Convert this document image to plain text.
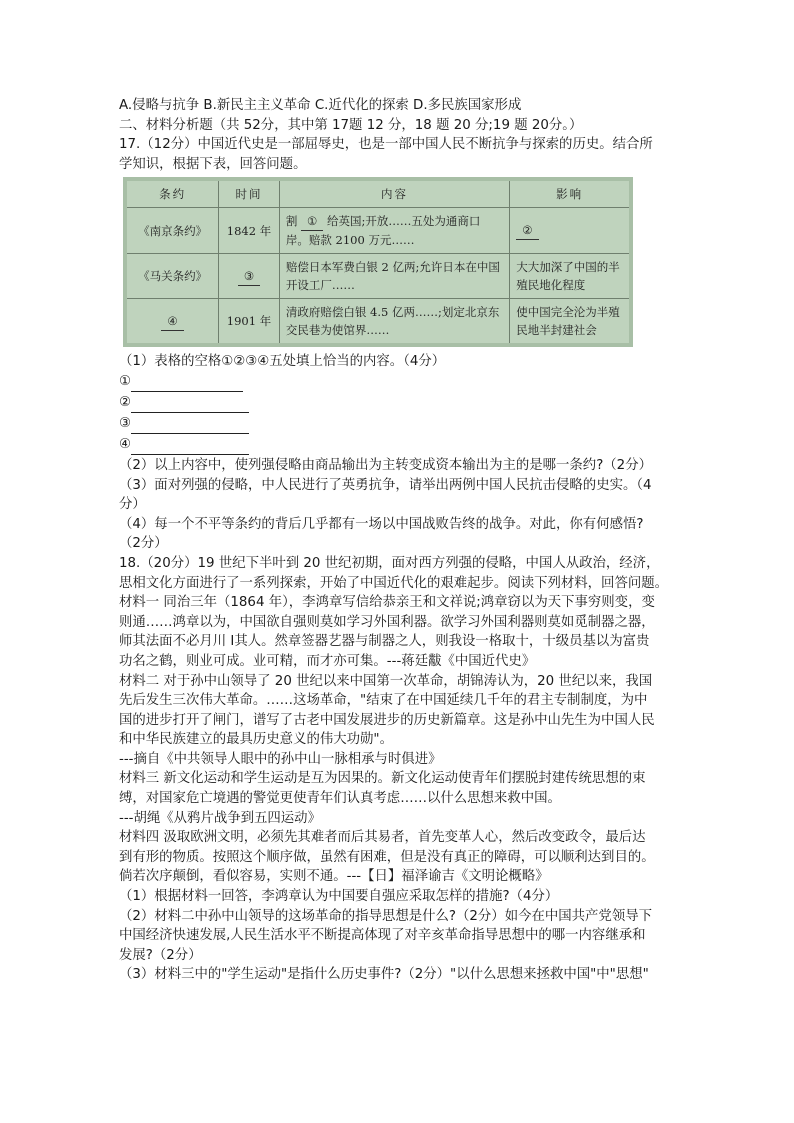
A.侵略与抗争 B.新民主主义革命 C.近代化的探索 D.多民族国家形成
二、材料分析题（共 52分，其中第 17题 12 分，18 题 20 分;19 题 20分。）
17.（12分）中国近代史是一部屈辱史，也是一部中国人民不断抗争与探索的历史。结合所
学知识，根据下表，回答问题。
条约	时间	内容	影响
《南京条约》	1842 年	割 ① 给英国;开放……五处为通商口岸。赔款 2100 万元……	②
《马关条约》	③	赔偿日本军费白银 2 亿两;允许日本在中国开设工厂……	大大加深了中国的半殖民地化程度
④	1901 年	清政府赔偿白银 4.5 亿两……;划定北京东交民巷为使馆界……	使中国完全沦为半殖民地半封建社会
（1）表格的空格①②③④五处填上恰当的内容。（4分）
①
②
③
④
（2）以上内容中，使列强侵略由商品输出为主转变成资本输出为主的是哪一条约?（2分）
（3）面对列强的侵略，中人民进行了英勇抗争，请举出两例中国人民抗击侵略的史实。（4
分）
（4）每一个不平等条约的背后几乎都有一场以中国战败告终的战争。对此，你有何感悟?
（2分）
18.（20分）19 世纪下半叶到 20 世纪初期，面对西方列强的侵略，中国人从政治，经济，
思相文化方面进行了一系列探索，开始了中国近代化的艰难起步。阅读下列材料，回答问题。
材料一 同治三年（1864 年），李鸿章写信给恭亲王和文祥说;鸿章窃以为天下事穷则变，变
则通……鸿章以为，中国欲自强则莫如学习外国利器。欲学习外国利器则莫如觅制器之器，
师其法面不必月川 I其人。然章签器艺器与制器之人，则我设一格取十，十级员基以为富贵
功名之鹤，则业可成。业可精，而才亦可集。---蒋廷黻《中国近代史》
材料二 对于孙中山领导了 20 世纪以来中国第一次革命，胡锦涛认为，20 世纪以来，我国
先后发生三次伟大革命。……这场革命，"结束了在中国延续几千年的君主专制制度，为中
国的进步打开了闸门，谱写了古老中国发展进步的历史新篇章。这是孙中山先生为中国人民
和中华民族建立的最具历史意义的伟大功勋"。
---摘自《中共领导人眼中的孙中山一脉相承与时俱进》
材料三 新文化运动和学生运动是互为因果的。新文化运动使青年们摆脱封建传统思想的束
缚，对国家危亡境遇的警觉更使青年们认真考虑……以什么思想来救中国。
---胡绳《从鸦片战争到五四运动》
材料四 汲取欧洲文明，必须先其难者而后其易者，首先变革人心，然后改变政令，最后达
到有形的物质。按照这个顺序做，虽然有困难，但是没有真正的障碍，可以顺利达到目的。
倘若次序颠倒，看似容易，实则不通。---【日】福泽谕吉《文明论概略》
（1）根据材料一回答，李鸿章认为中国要自强应采取怎样的措施?（4分）
（2）材料二中孙中山领导的这场革命的指导思想是什么?（2分）如今在中国共产党领导下
中国经济快速发展,人民生活水平不断提高体现了对辛亥革命指导思想中的哪一内容继承和
发展?（2分）
（3）材料三中的"学生运动"是指什么历史事件?（2分）"以什么思想来拯救中国"中"思想"
